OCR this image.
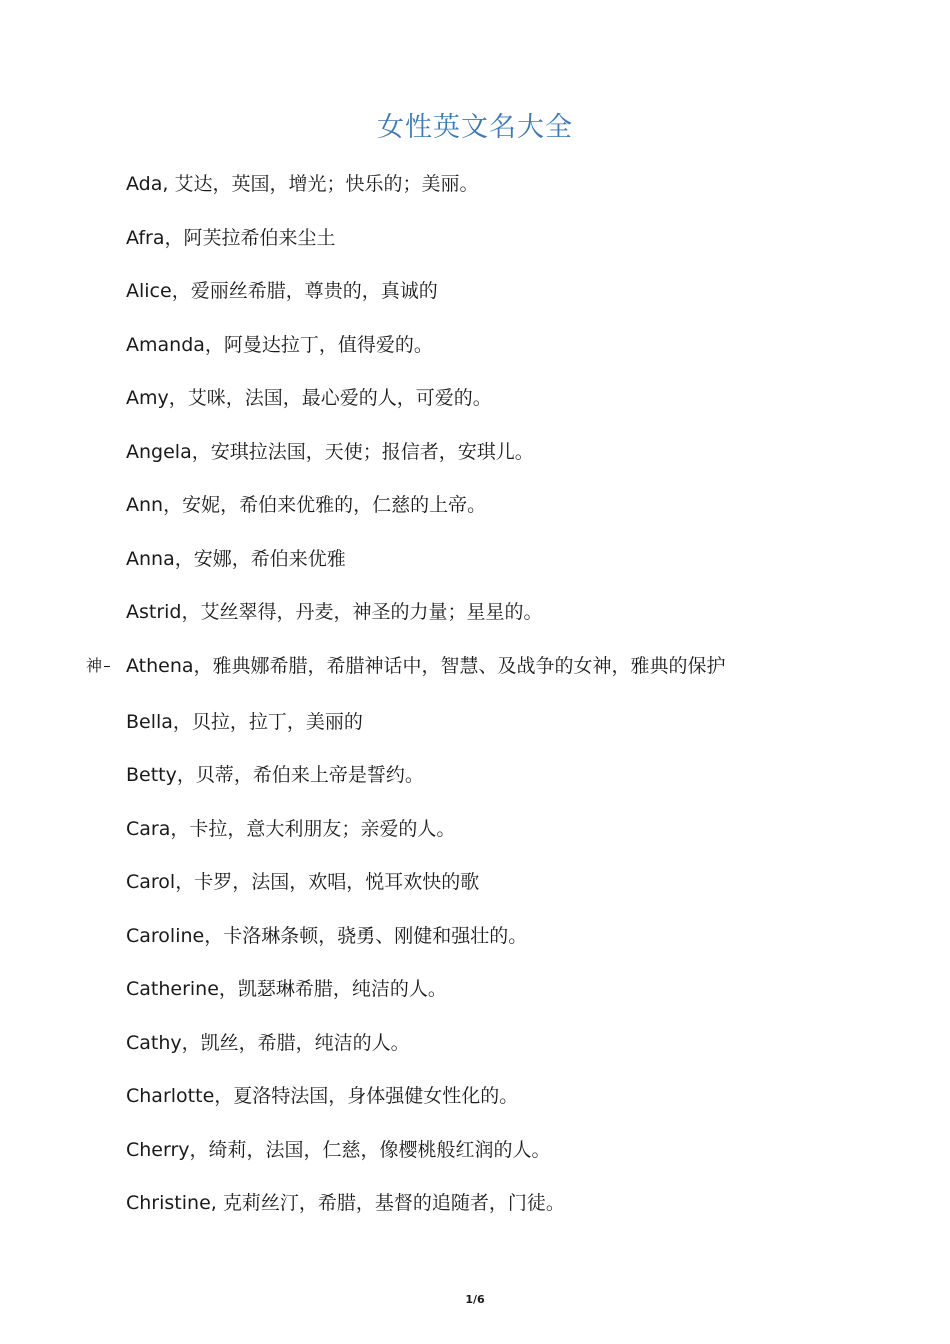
女性英文名大全
Ada, 艾达，英国，增光；快乐的；美丽。
Afra，阿芙拉希伯来尘土
Alice，爱丽丝希腊，尊贵的，真诚的
Amanda，阿曼达拉丁，值得爱的。
Amy，艾咪，法国，最心爱的人，可爱的。
Angela，安琪拉法国，天使；报信者，安琪儿。
Ann，安妮，希伯来优雅的，仁慈的上帝。
Anna，安娜，希伯来优雅
Astrid，艾丝翠得，丹麦，神圣的力量；星星的。
Athena，雅典娜希腊，希腊神话中，智慧、及战争的女神，雅典的保护
Bella，贝拉，拉丁，美丽的
Betty，贝蒂，希伯来上帝是誓约。
Cara，卡拉，意大利朋友；亲爱的人。
Carol，卡罗，法国，欢唱，悦耳欢快的歌
Caroline，卡洛琳条顿，骁勇、刚健和强壮的。
Catherine，凯瑟琳希腊，纯洁的人。
Cathy，凯丝，希腊，纯洁的人。
Charlotte，夏洛特法国，身体强健女性化的。
Cherry，绮莉，法国，仁慈，像樱桃般红润的人。
Christine, 克莉丝汀，希腊，基督的追随者，门徒。
神
1/6
